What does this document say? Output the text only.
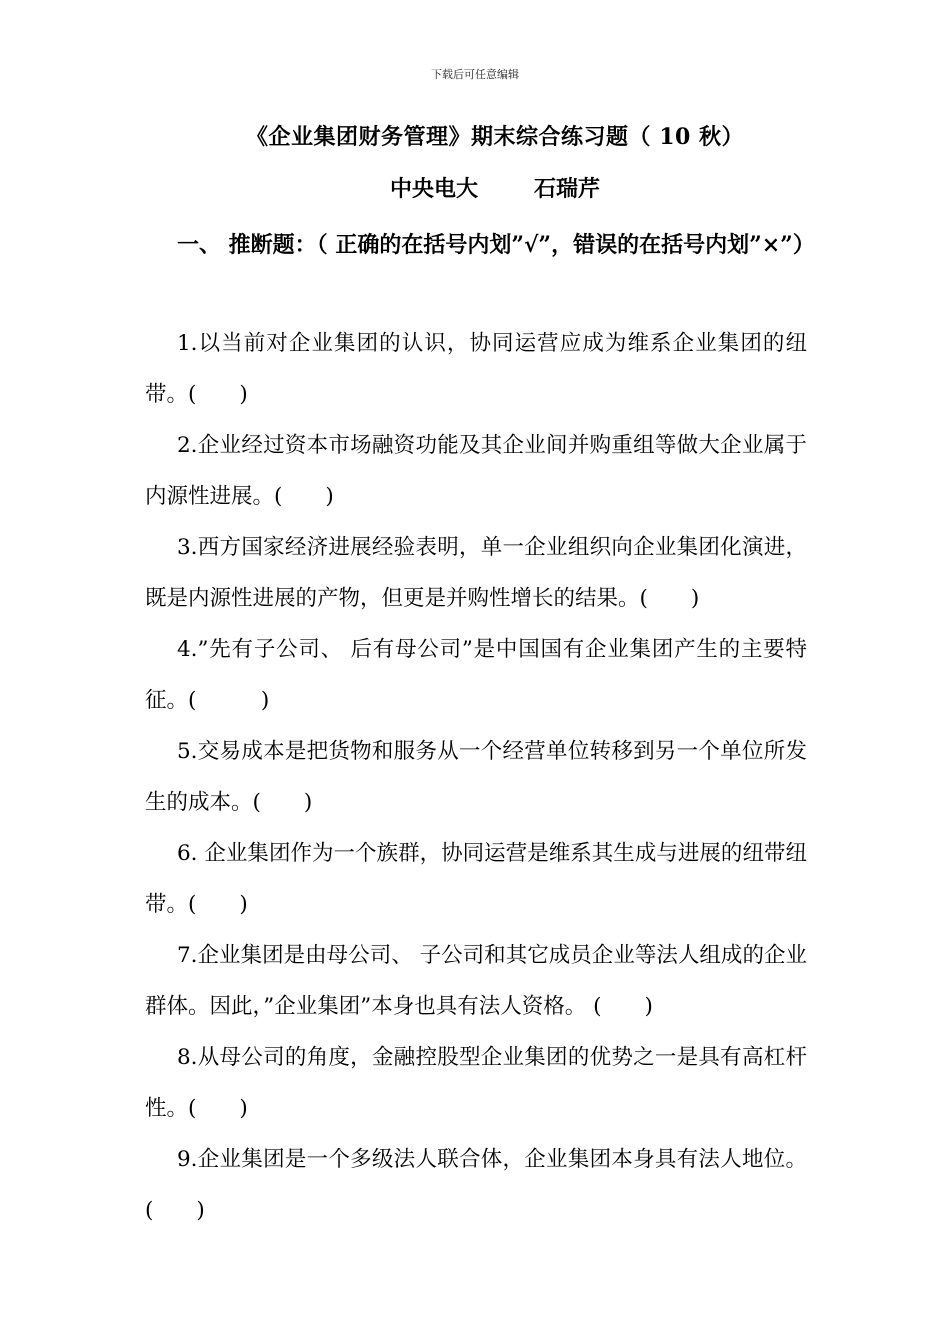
下载后可任意编辑
《企业集团财务管理》期末综合练习题（ 10 秋）
中央电大	石瑞芹

一、 推断题：（ 正确的在括号内划”√”，错误的在括号内划”×”）

1.以当前对企业集团的认识，协同运营应成为维系企业集团的纽带。(　　)
2.企业经过资本市场融资功能及其企业间并购重组等做大企业属于内源性进展。(　　)
3.西方国家经济进展经验表明，单一企业组织向企业集团化演进，既是内源性进展的产物，但更是并购性增长的结果。(　　)
4.”先有子公司、 后有母公司”是中国国有企业集团产生的主要特征。(　　　)
5.交易成本是把货物和服务从一个经营单位转移到另一个单位所发生的成本。(　　)
6. 企业集团作为一个族群，协同运营是维系其生成与进展的纽带纽带。(　　)
7.企业集团是由母公司、 子公司和其它成员企业等法人组成的企业群体。因此，”企业集团”本身也具有法人资格。 (　　)
8.从母公司的角度，金融控股型企业集团的优势之一是具有高杠杆性。(　　)
9.企业集团是一个多级法人联合体，企业集团本身具有法人地位。(　　)
